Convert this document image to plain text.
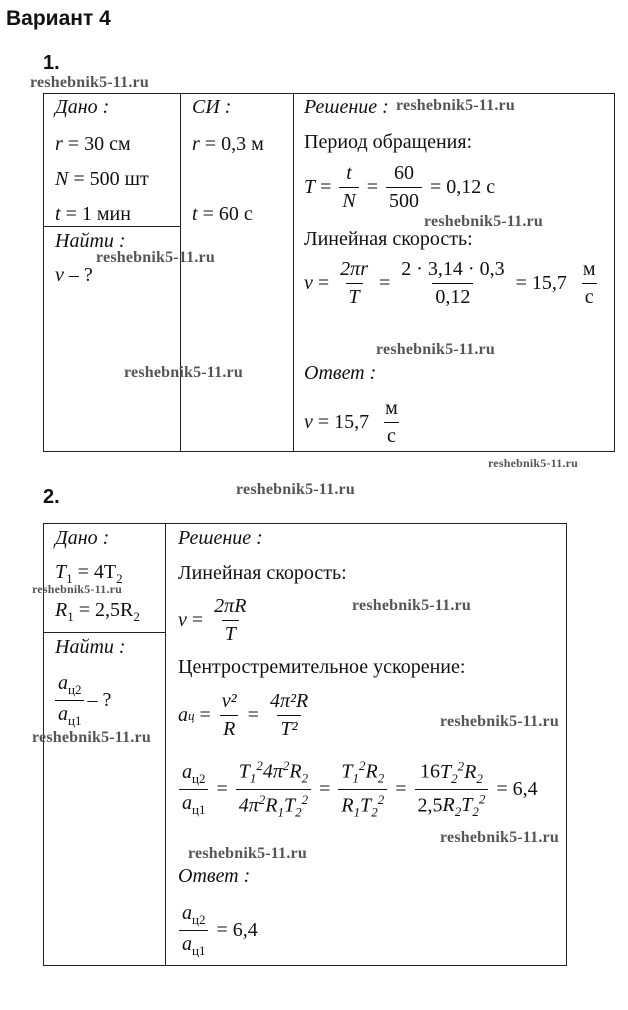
Вариант 4
1.
Дано :
r = 30 см
N = 500 шт
t = 1 мин
Найти :
v – ?
СИ :
r = 0,3 м
t = 60 с
Решение :
Период обращения:
$T = \frac{t}{N} = \frac{60}{500}$
= 0,12 с
Линейная скорость:
$v = \frac{2\pi r}{T} = \frac{2 \cdot 3,14 \cdot 0,3}{0,12}$
= 15,7
$\frac{м}{с}$
Ответ :
v
= 15,7
$\frac{м}{с}$
2.
Дано :
$T_1 = 4T_2$
$R_1 = 2,5R_2$
Найти :
$\frac{a_{ц2}}{a_{ц1}}$ – ?
Решение :
Линейная скорость:
$v = \frac{2\pi R}{T}$
Центростремительное ускорение:
a $ц = \frac{\text{v²}}{R} = \frac{\text{4π²R}}{\text{T²}}$
$\frac{a_{ц2}}{a_{ц1}} = \frac{T_1^24\pi^2R_2}{4\pi^2R_1T_2^2} = \frac{T_1^2R_2}{R_1T_2^2} = \frac{16T_2^2R_2}{2,5R_2T_2^2}$
= 6,4
Ответ :
$\frac{a_{ц2}}{a_{ц1}}$
= 6,4
reshebnik5-11.ru
reshebnik5-11.ru
reshebnik5-11.ru
reshebnik5-11.ru
reshebnik5-11.ru
reshebnik5-11.ru
reshebnik5-11.ru
reshebnik5-11.ru
reshebnik5-11.ru
reshebnik5-11.ru
reshebnik5-11.ru
reshebnik5-11.ru
reshebnik5-11.ru
reshebnik5-11.ru
